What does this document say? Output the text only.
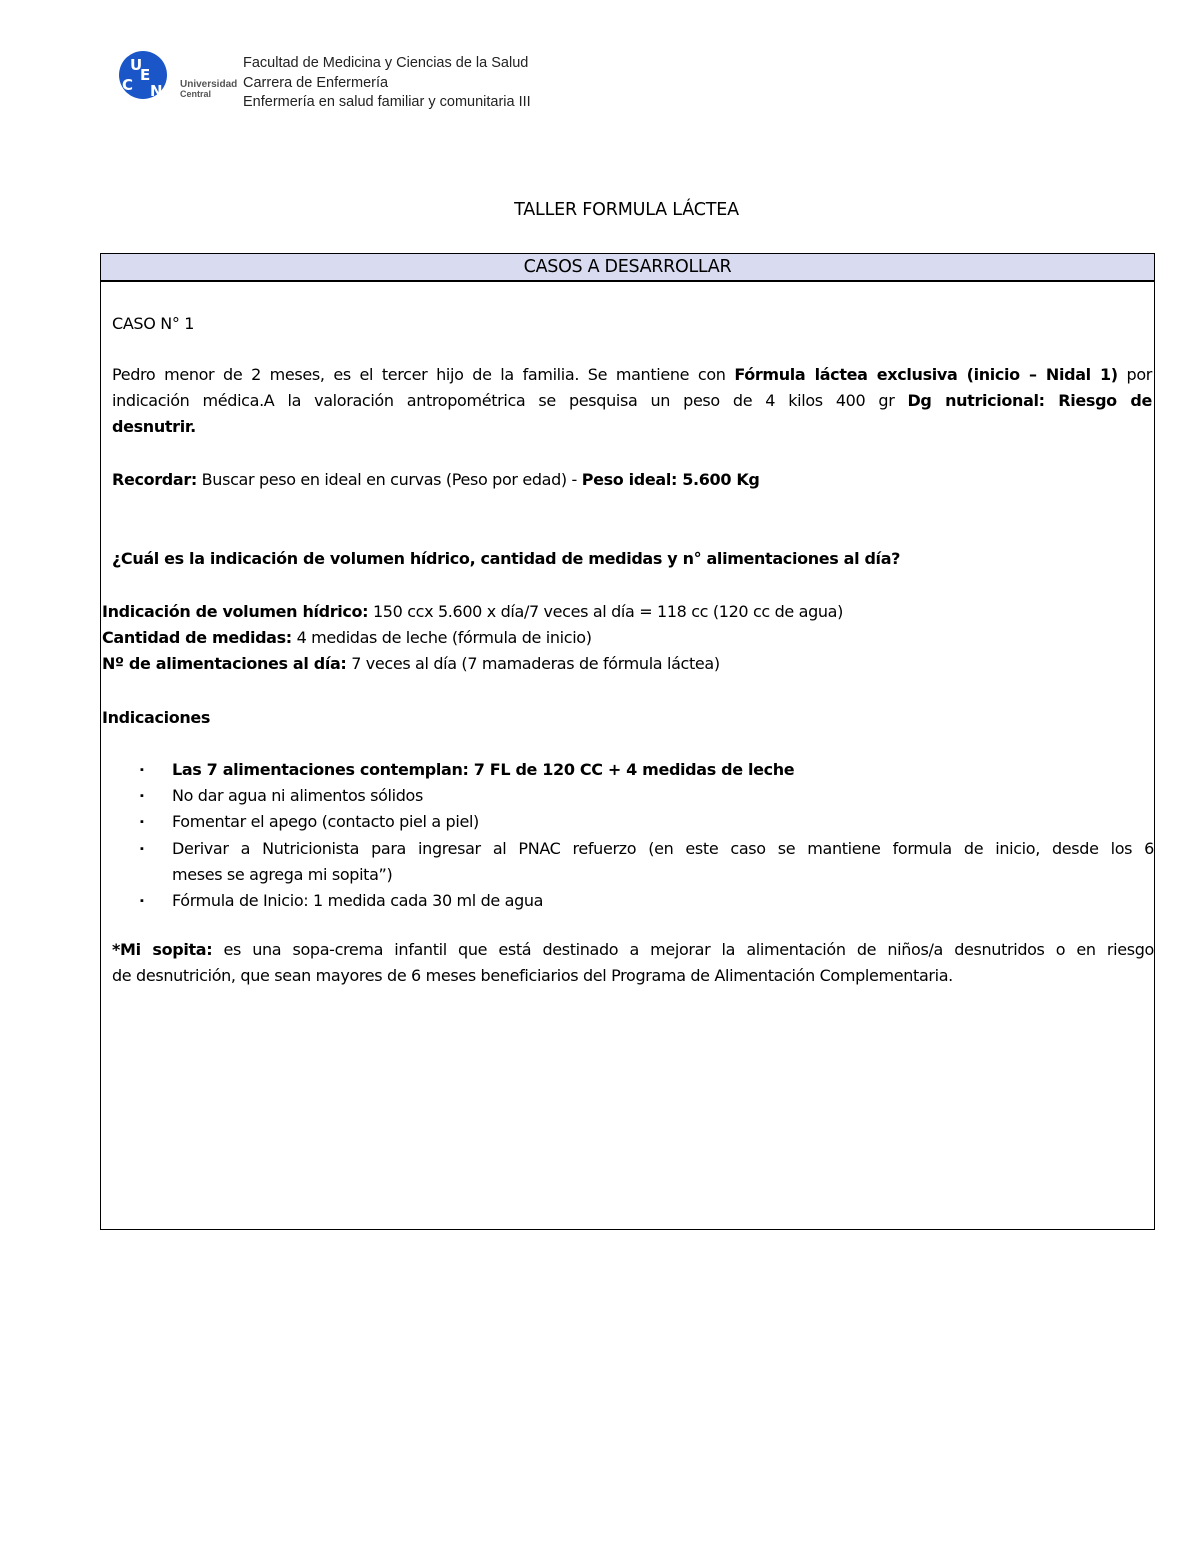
U
C
E
N Universidad
Central
Facultad de Medicina y Ciencias de la Salud
Carrera de Enfermería
Enfermería en salud familiar y comunitaria III
TALLER FORMULA LÁCTEA
CASOS A DESARROLLAR
CASO N° 1
Pedro menor de 2 meses, es el tercer hijo de la familia. Se mantiene con Fórmula láctea exclusiva (inicio – Nidal 1) por
indicación médica.A la valoración antropométrica se pesquisa un peso de 4 kilos 400 gr Dg nutricional: Riesgo de
desnutrir.
Recordar: Buscar peso en ideal en curvas (Peso por edad) - Peso ideal: 5.600 Kg
¿Cuál es la indicación de volumen hídrico, cantidad de medidas y n° alimentaciones al día?
Indicación de volumen hídrico: 150 ccx 5.600 x día/7 veces al día = 118 cc (120 cc de agua)
Cantidad de medidas: 4 medidas de leche (fórmula de inicio)
Nº de alimentaciones al día: 7 veces al día (7 mamaderas de fórmula láctea)
Indicaciones
▪ Las 7 alimentaciones contemplan: 7 FL de 120 CC + 4 medidas de leche
▪ No dar agua ni alimentos sólidos
▪ Fomentar el apego (contacto piel a piel)
▪ Derivar a Nutricionista para ingresar al PNAC refuerzo (en este caso se mantiene formula de inicio, desde los 6
meses se agrega mi sopita”)
▪ Fórmula de Inicio: 1 medida cada 30 ml de agua
*Mi sopita: es una sopa-crema infantil que está destinado a mejorar la alimentación de niños/a desnutridos o en riesgo
de desnutrición, que sean mayores de 6 meses beneficiarios del Programa de Alimentación Complementaria.
